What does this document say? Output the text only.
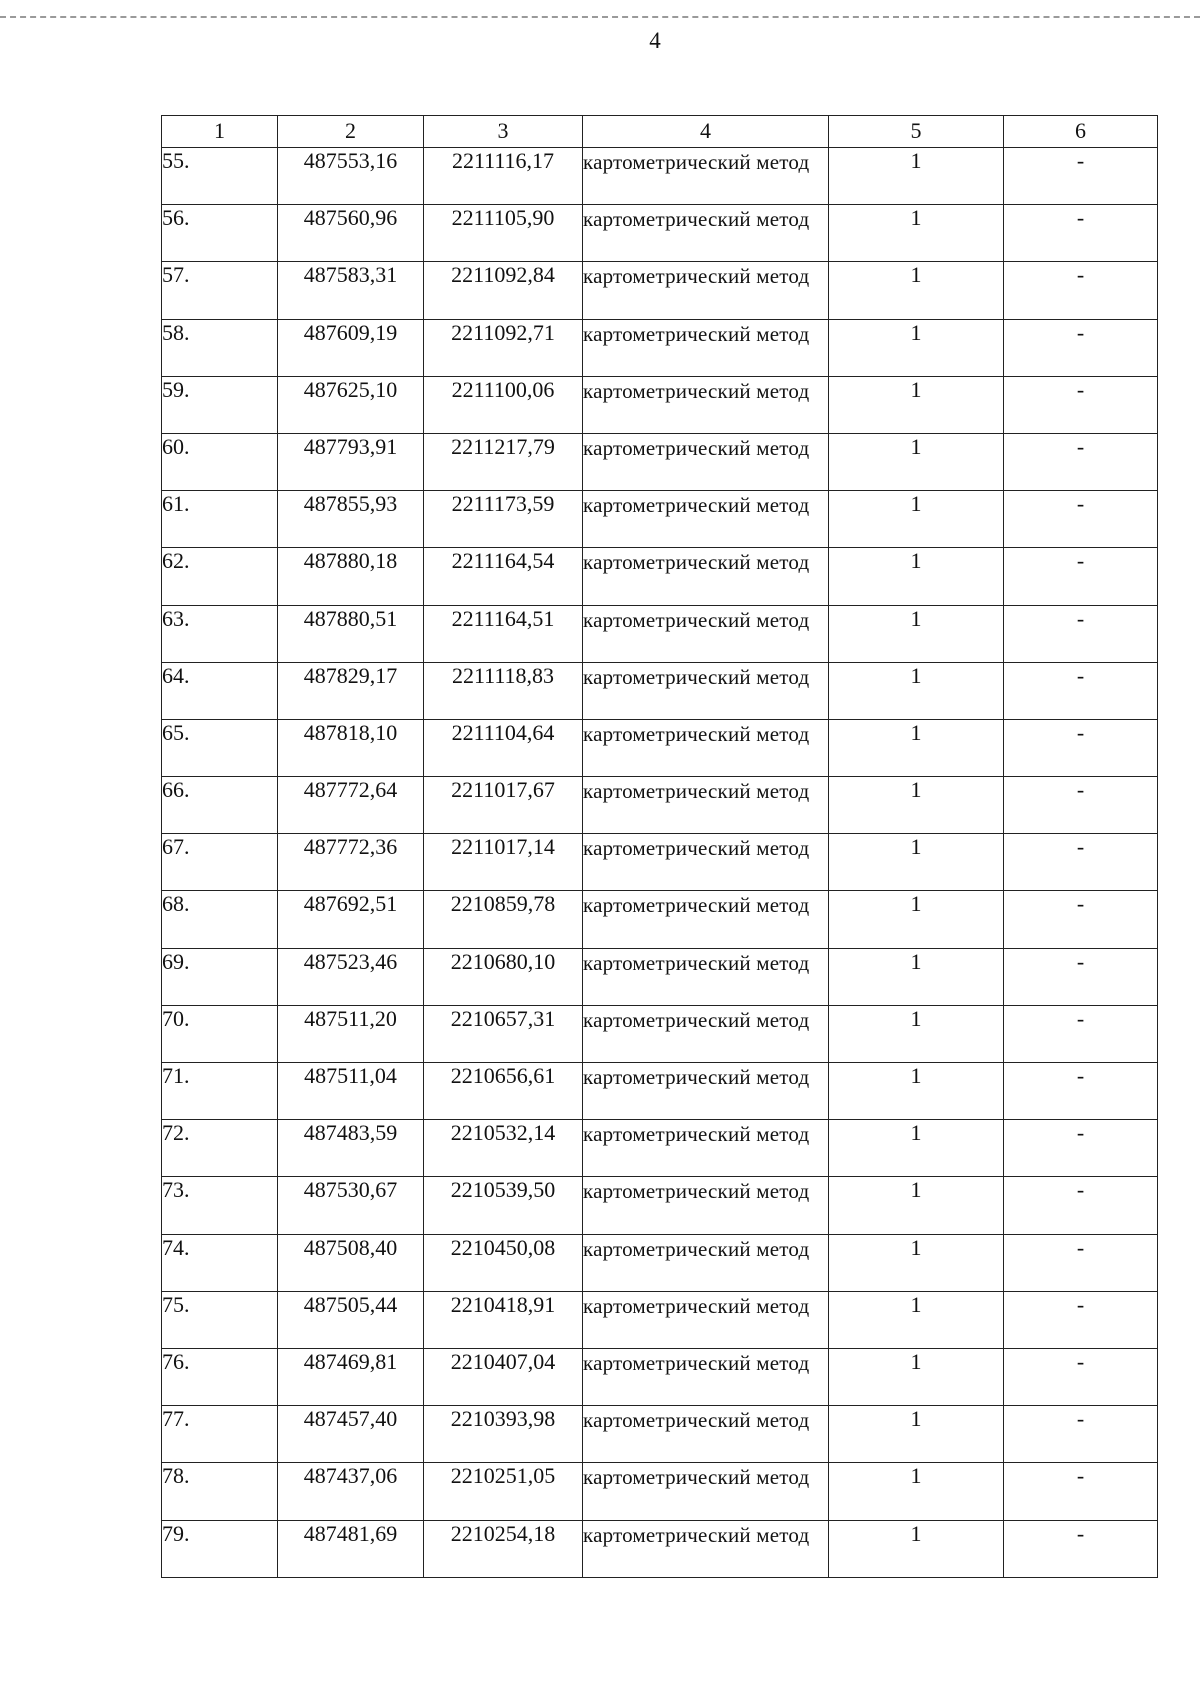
4
1	2	3	4	5	6
55.	487553,16	2211116,17	картометрический метод	1	-
56.	487560,96	2211105,90	картометрический метод	1	-
57.	487583,31	2211092,84	картометрический метод	1	-
58.	487609,19	2211092,71	картометрический метод	1	-
59.	487625,10	2211100,06	картометрический метод	1	-
60.	487793,91	2211217,79	картометрический метод	1	-
61.	487855,93	2211173,59	картометрический метод	1	-
62.	487880,18	2211164,54	картометрический метод	1	-
63.	487880,51	2211164,51	картометрический метод	1	-
64.	487829,17	2211118,83	картометрический метод	1	-
65.	487818,10	2211104,64	картометрический метод	1	-
66.	487772,64	2211017,67	картометрический метод	1	-
67.	487772,36	2211017,14	картометрический метод	1	-
68.	487692,51	2210859,78	картометрический метод	1	-
69.	487523,46	2210680,10	картометрический метод	1	-
70.	487511,20	2210657,31	картометрический метод	1	-
71.	487511,04	2210656,61	картометрический метод	1	-
72.	487483,59	2210532,14	картометрический метод	1	-
73.	487530,67	2210539,50	картометрический метод	1	-
74.	487508,40	2210450,08	картометрический метод	1	-
75.	487505,44	2210418,91	картометрический метод	1	-
76.	487469,81	2210407,04	картометрический метод	1	-
77.	487457,40	2210393,98	картометрический метод	1	-
78.	487437,06	2210251,05	картометрический метод	1	-
79.	487481,69	2210254,18	картометрический метод	1	-
